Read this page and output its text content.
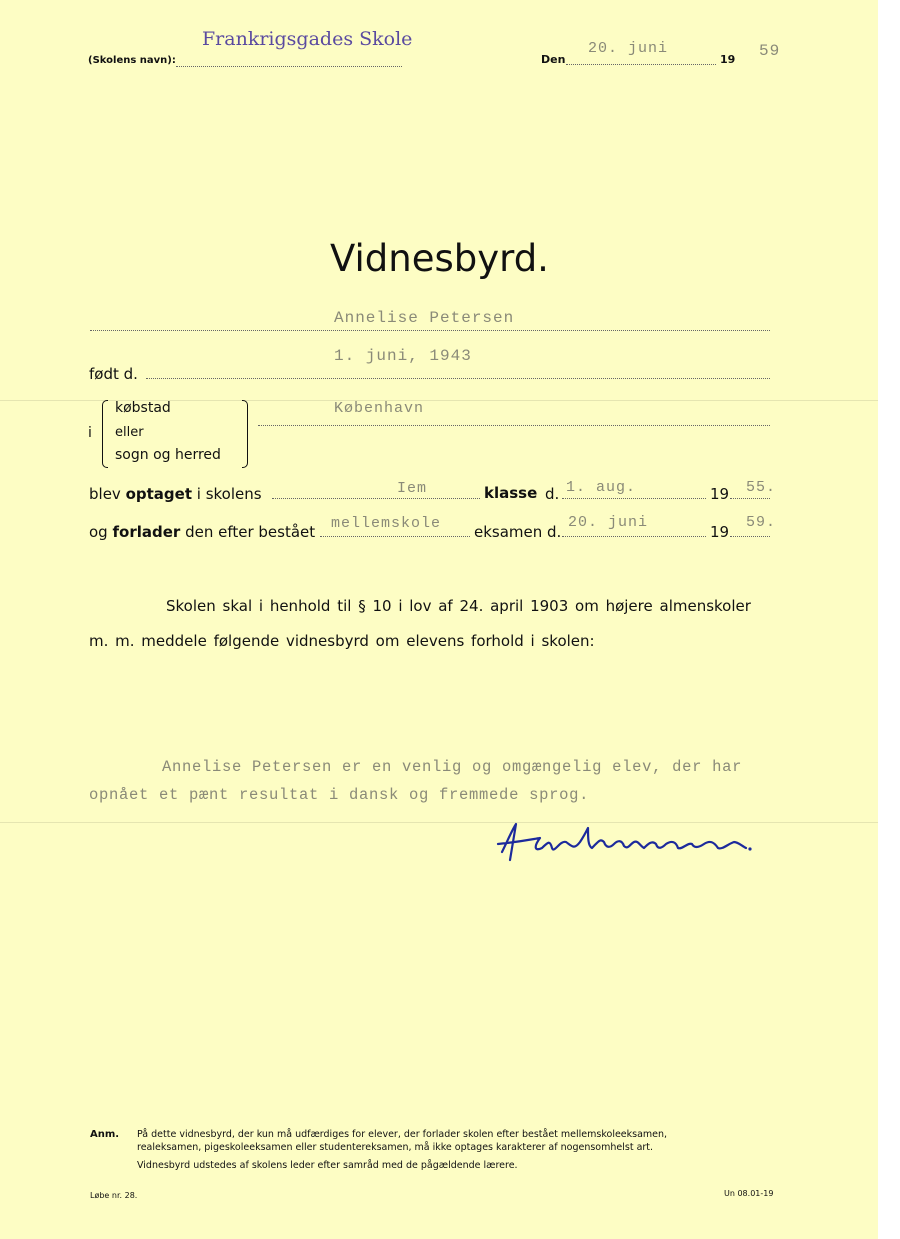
Frankrigsgades Skole
(Skolens navn):	Den
20. juni
19 59
Vidnesbyrd.
Annelise Petersen
født d.
1. juni, 1943
i
købstad
eller
sogn og herred
København
blev optaget i skolens	Iem	klasse d. 1. aug.	19 55.
og forlader den efter bestået mellemskole eksamen d.
20. juni
19
59.
Skolen skal i henhold til § 10 i lov af 24. april 1903 om højere almenskoler
m. m. meddele følgende vidnesbyrd om elevens forhold i skolen:
Annelise Petersen er en venlig og omgængelig elev, der har
opnået et pænt resultat i dansk og fremmede sprog.
Anm. På dette vidnesbyrd, der kun må udfærdiges for elever, der forlader skolen efter bestået mellemskoleeksamen,
realeksamen, pigeskoleeksamen eller studentereksamen, må ikke optages karakterer af nogensomhelst art.
Vidnesbyrd udstedes af skolens leder efter samråd med de pågældende lærere.
Løbe nr. 28.	Un 08.01-19
